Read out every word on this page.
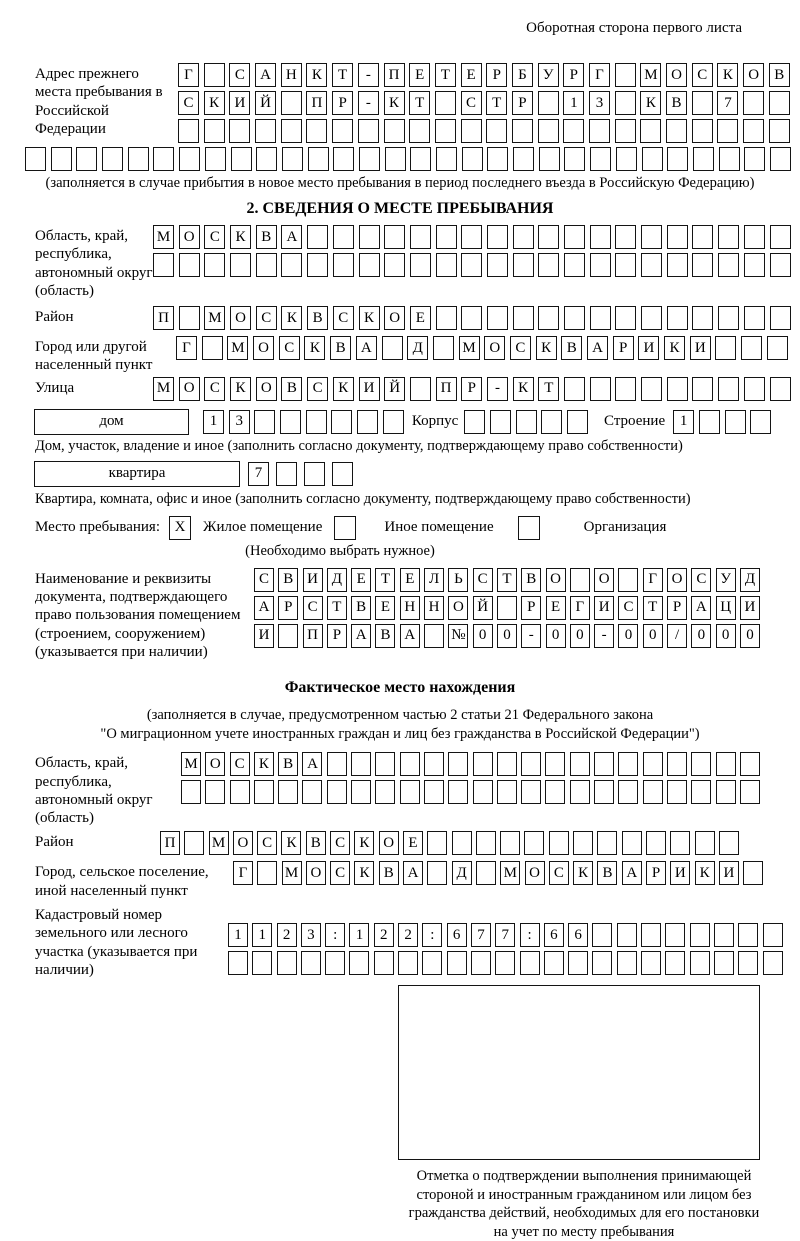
Оборотная сторона первого листа
Адрес прежнего места пребывания в Российской Федерации
Г	С	А Н	К	Т	-	П	Е	Т	Е	Р	Б	У	Р	Г	М О	С	К	О	В
С	К	И Й	П	Р	-	К	Т	С	Т	Р	1	3	К	В	7
(заполняется в случае прибытия в новое место пребывания в период последнего въезда в Российскую Федерацию)
2. СВЕДЕНИЯ О МЕСТЕ ПРЕБЫВАНИЯ
Область, край, республика, автономный округ (область)
М О	С	К	В	А
Район	П	М О	С	К	В	С	К	О	Е
Город или другой населенный пункт
Г	М О	С	К	В	А	Д	М О	С	К	В	А	Р	И	К	И
Улица	М О	С	К	О	В	С	К	И Й	П	Р	-	К	Т
дом	1	3	Корпус	Строение 1
Дом, участок, владение и иное (заполнить согласно документу, подтверждающему право собственности)
квартира	7
Квартира, комната, офис и иное (заполнить согласно документу, подтверждающему право собственности)
Место пребывания: X	Жилое помещение	Иное помещение	Организация
(Необходимо выбрать нужное)
Наименование и реквизиты документа, подтверждающего право пользования помещением (строением, сооружением) (указывается при наличии)
С В И Д Е	Т	Е Л Ь С Т В О	О	Г О С У Д
А Р	С Т В Е Н Н О Й	Р	Е	Г И С Т	Р А Ц И
И	П Р А В А	№ 0	0	-	0	0	-	0	0	/	0	0	0
Фактическое место нахождения
(заполняется в случае, предусмотренном частью 2 статьи 21 Федерального закона
"О миграционном учете иностранных граждан и лиц без гражданства в Российской Федерации")
Область, край, республика, автономный округ (область)
М О С К В А
Район	П	М О С К В С К О Е
Город, сельское поселение, иной населенный пункт
Г	М О С К В А	Д	М О С К В А Р И К И
Кадастровый номер земельного или лесного участка (указывается при наличии)
1	1	2	3	:	1	2	2	:	6	7	7	:	6	6
Отметка о подтверждении выполнения принимающей
стороной и иностранным гражданином или лицом без
гражданства действий, необходимых для его постановки
на учет по месту пребывания
